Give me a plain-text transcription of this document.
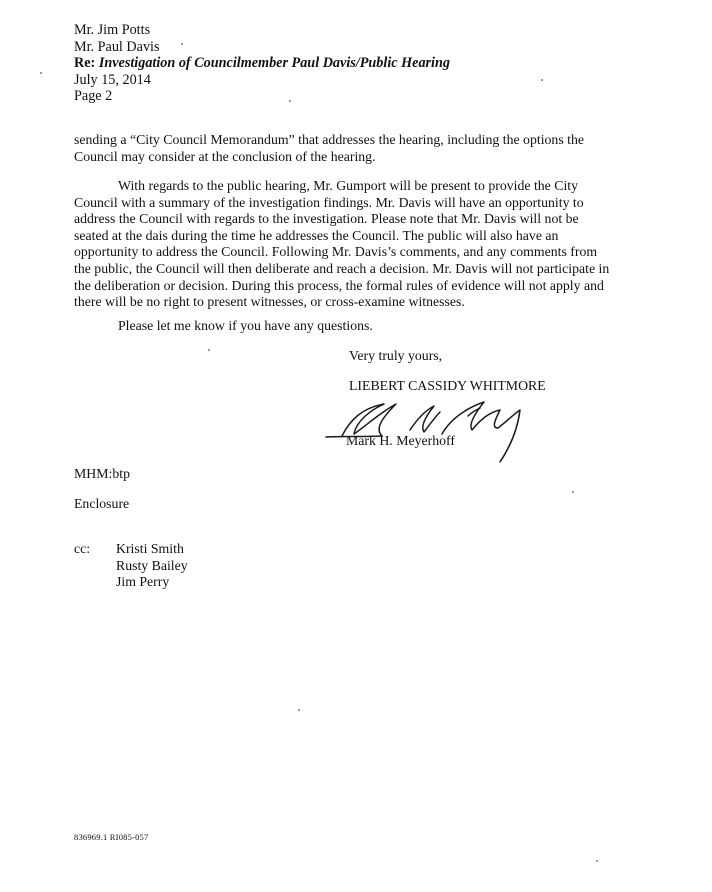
Mr. Jim Potts
Mr. Paul Davis
Re: Investigation of Councilmember Paul Davis/Public Hearing
July 15, 2014
Page 2
sending a “City Council Memorandum” that addresses the hearing, including the options the Council may consider at the conclusion of the hearing.
With regards to the public hearing, Mr. Gumport will be present to provide the City Council with a summary of the investigation findings. Mr. Davis will have an opportunity to address the Council with regards to the investigation. Please note that Mr. Davis will not be seated at the dais during the time he addresses the Council. The public will also have an opportunity to address the Council. Following Mr. Davis’s comments, and any comments from the public, the Council will then deliberate and reach a decision. Mr. Davis will not participate in the deliberation or decision. During this process, the formal rules of evidence will not apply and there will be no right to present witnesses, or cross-examine witnesses.
Please let me know if you have any questions.
Very truly yours,
LIEBERT CASSIDY WHITMORE
Mark H. Meyerhoff
MHM:btp
Enclosure
cc: Kristi Smith
Rusty Bailey
Jim Perry
836969.1 RI085-057
